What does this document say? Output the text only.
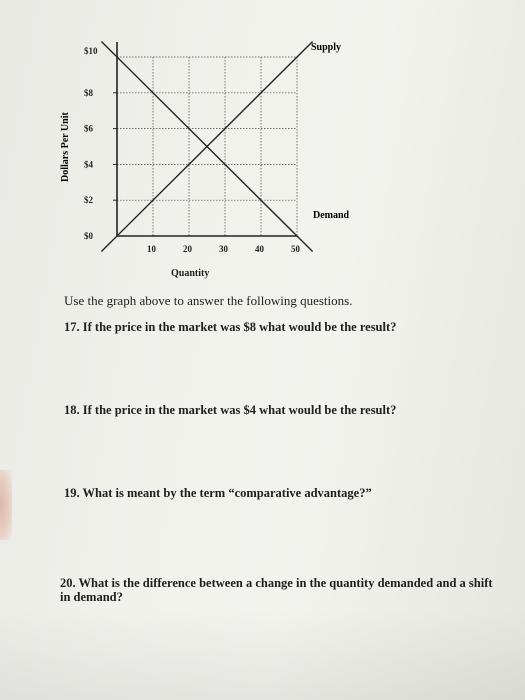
$0
$2
$4
$6
$8
$10
10	20	30	40	50
Supply
Demand
Dollars Per Unit
Quantity
Use the graph above to answer the following questions.
17. If the price in the market was $8 what would be the result?
18. If the price in the market was $4 what would be the result?
19. What is meant by the term “comparative advantage?”
20. What is the difference between a change in the quantity demanded and a shift in demand?
